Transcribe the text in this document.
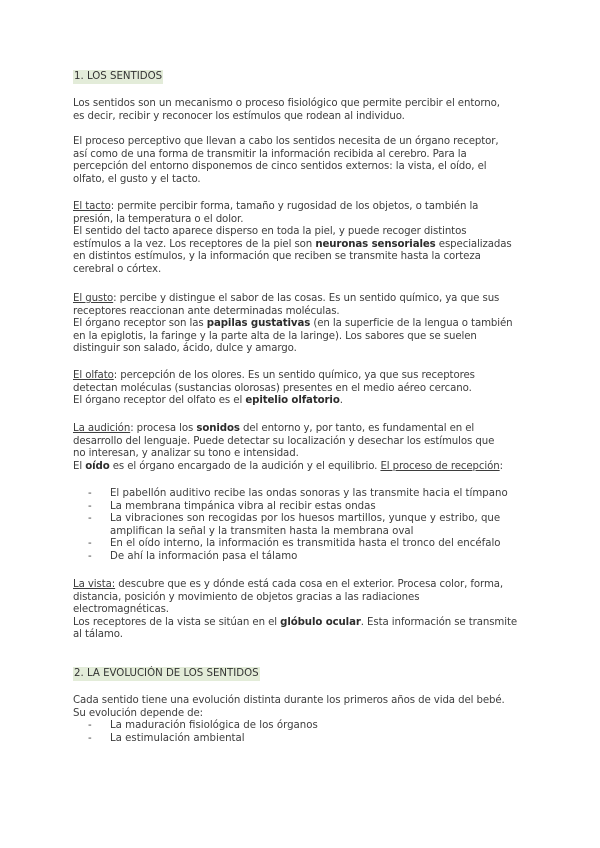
1. LOS SENTIDOS
Los sentidos son un mecanismo o proceso fisiológico que permite percibir el entorno,
es decir, recibir y reconocer los estímulos que rodean al individuo.
El proceso perceptivo que llevan a cabo los sentidos necesita de un órgano receptor,
así como de una forma de transmitir la información recibida al cerebro. Para la
percepción del entorno disponemos de cinco sentidos externos: la vista, el oído, el
olfato, el gusto y el tacto.
El tacto: permite percibir forma, tamaño y rugosidad de los objetos, o también la
presión, la temperatura o el dolor.
El sentido del tacto aparece disperso en toda la piel, y puede recoger distintos
estímulos a la vez. Los receptores de la piel son neuronas sensoriales especializadas
en distintos estímulos, y la información que reciben se transmite hasta la corteza
cerebral o córtex.
El gusto: percibe y distingue el sabor de las cosas. Es un sentido químico, ya que sus
receptores reaccionan ante determinadas moléculas.
El órgano receptor son las papilas gustativas (en la superficie de la lengua o también
en la epiglotis, la faringe y la parte alta de la laringe). Los sabores que se suelen
distinguir son salado, ácido, dulce y amargo.
El olfato: percepción de los olores. Es un sentido químico, ya que sus receptores
detectan moléculas (sustancias olorosas) presentes en el medio aéreo cercano.
El órgano receptor del olfato es el epitelio olfatorio.
La audición: procesa los sonidos del entorno y, por tanto, es fundamental en el
desarrollo del lenguaje. Puede detectar su localización y desechar los estímulos que
no interesan, y analizar su tono e intensidad.
El oído es el órgano encargado de la audición y el equilibrio. El proceso de recepción:
- El pabellón auditivo recibe las ondas sonoras y las transmite hacia el tímpano
- La membrana timpánica vibra al recibir estas ondas
- La vibraciones son recogidas por los huesos martillos, yunque y estribo, que
amplifican la señal y la transmiten hasta la membrana oval
- En el oído interno, la información es transmitida hasta el tronco del encéfalo
- De ahí la información pasa el tálamo
La vista: descubre que es y dónde está cada cosa en el exterior. Procesa color, forma,
distancia, posición y movimiento de objetos gracias a las radiaciones
electromagnéticas.
Los receptores de la vista se sitúan en el glóbulo ocular. Esta información se transmite
al tálamo.
2. LA EVOLUCIÓN DE LOS SENTIDOS
Cada sentido tiene una evolución distinta durante los primeros años de vida del bebé.
Su evolución depende de:
- La maduración fisiológica de los órganos
- La estimulación ambiental
